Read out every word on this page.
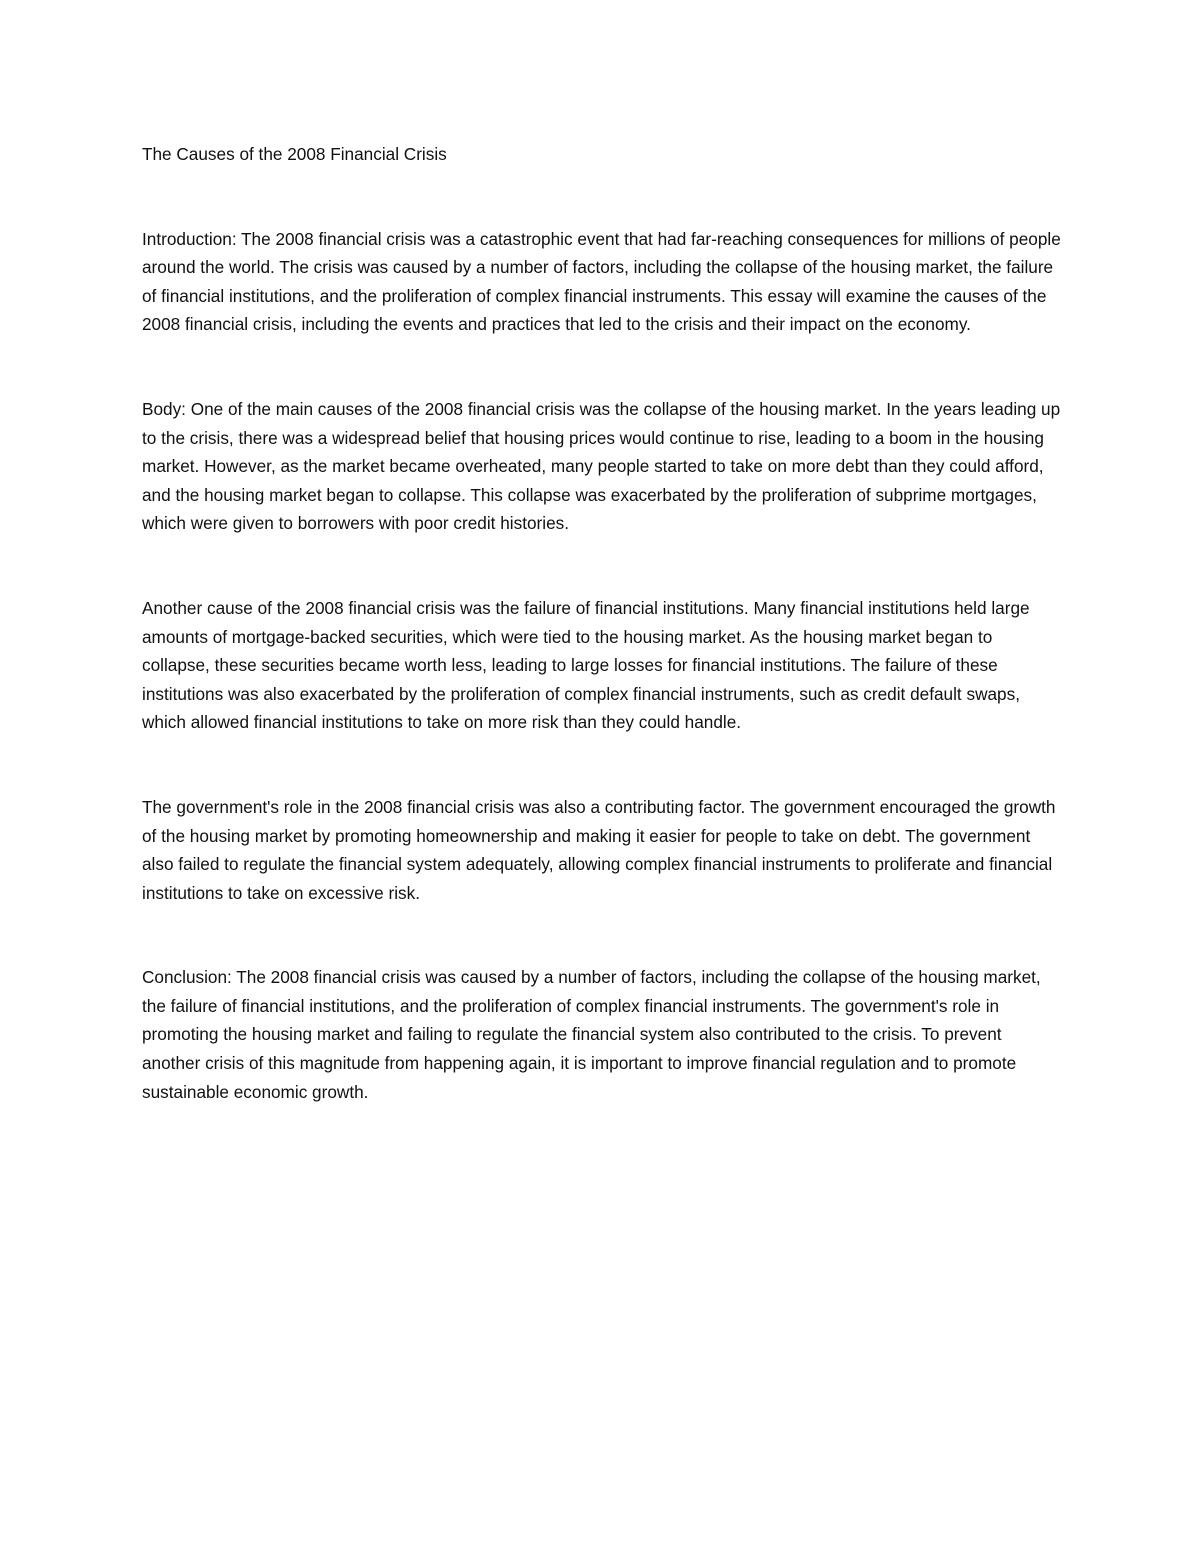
The Causes of the 2008 Financial Crisis

Introduction: The 2008 financial crisis was a catastrophic event that had far-reaching consequences for millions of people around the world. The crisis was caused by a number of factors, including the collapse of the housing market, the failure of financial institutions, and the proliferation of complex financial instruments. This essay will examine the causes of the 2008 financial crisis, including the events and practices that led to the crisis and their impact on the economy.

Body: One of the main causes of the 2008 financial crisis was the collapse of the housing market. In the years leading up to the crisis, there was a widespread belief that housing prices would continue to rise, leading to a boom in the housing market. However, as the market became overheated, many people started to take on more debt than they could afford, and the housing market began to collapse. This collapse was exacerbated by the proliferation of subprime mortgages, which were given to borrowers with poor credit histories.

Another cause of the 2008 financial crisis was the failure of financial institutions. Many financial institutions held large amounts of mortgage-backed securities, which were tied to the housing market. As the housing market began to collapse, these securities became worth less, leading to large losses for financial institutions. The failure of these institutions was also exacerbated by the proliferation of complex financial instruments, such as credit default swaps, which allowed financial institutions to take on more risk than they could handle.

The government's role in the 2008 financial crisis was also a contributing factor. The government encouraged the growth of the housing market by promoting homeownership and making it easier for people to take on debt. The government also failed to regulate the financial system adequately, allowing complex financial instruments to proliferate and financial institutions to take on excessive risk.

Conclusion: The 2008 financial crisis was caused by a number of factors, including the collapse of the housing market, the failure of financial institutions, and the proliferation of complex financial instruments. The government's role in promoting the housing market and failing to regulate the financial system also contributed to the crisis. To prevent another crisis of this magnitude from happening again, it is important to improve financial regulation and to promote sustainable economic growth.
